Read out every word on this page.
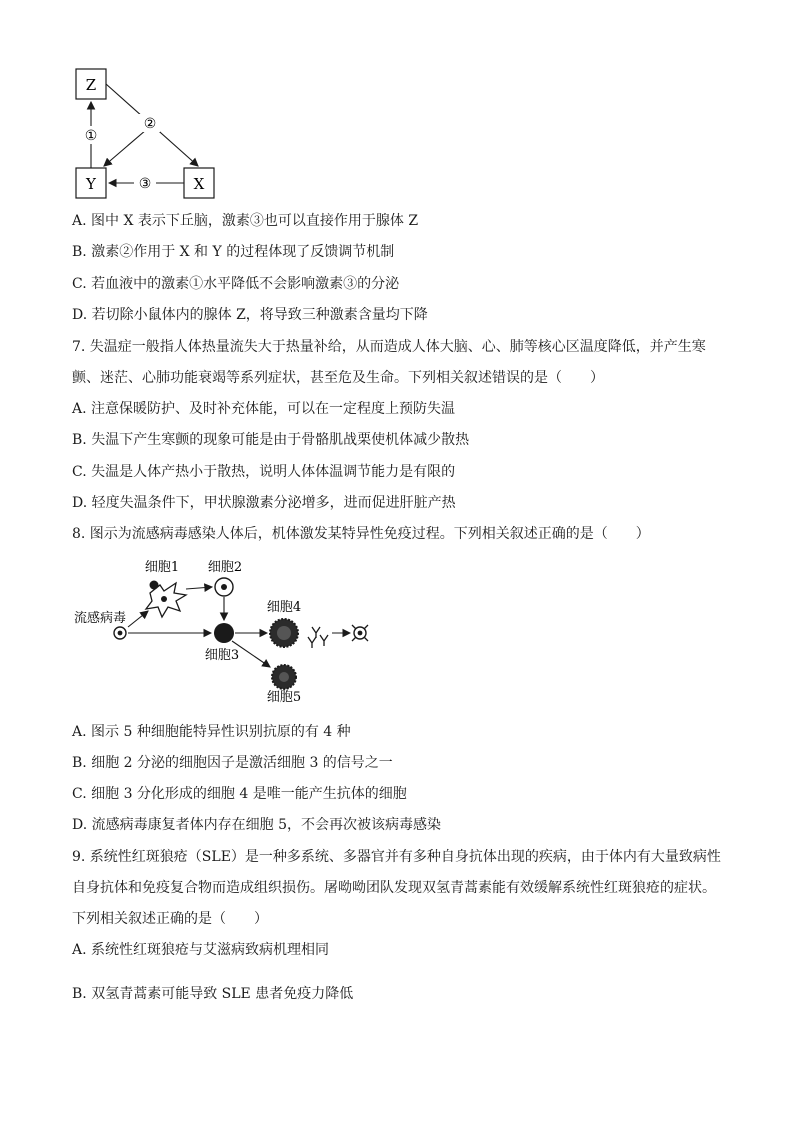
Z
Y	X
①
②
③
A. 图中 X 表示下丘脑，激素③也可以直接作用于腺体 Z
B. 激素②作用于 X 和 Y 的过程体现了反馈调节机制
C. 若血液中的激素①水平降低不会影响激素③的分泌
D. 若切除小鼠体内的腺体 Z，将导致三种激素含量均下降
7. 失温症一般指人体热量流失大于热量补给，从而造成人体大脑、心、肺等核心区温度降低，并产生寒
颤、迷茫、心肺功能衰竭等系列症状，甚至危及生命。下列相关叙述错误的是（　　）
A. 注意保暖防护、及时补充体能，可以在一定程度上预防失温
B. 失温下产生寒颤的现象可能是由于骨骼肌战栗使机体减少散热
C. 失温是人体产热小于散热，说明人体体温调节能力是有限的
D. 轻度失温条件下，甲状腺激素分泌增多，进而促进肝脏产热
8. 图示为流感病毒感染人体后，机体激发某特异性免疫过程。下列相关叙述正确的是（　　）
细胞1 细胞2
细胞4
流感病毒
细胞3
细胞5
A. 图示 5 种细胞能特异性识别抗原的有 4 种
B. 细胞 2 分泌的细胞因子是激活细胞 3 的信号之一
C. 细胞 3 分化形成的细胞 4 是唯一能产生抗体的细胞
D. 流感病毒康复者体内存在细胞 5，不会再次被该病毒感染
9. 系统性红斑狼疮（SLE）是一种多系统、多器官并有多种自身抗体出现的疾病，由于体内有大量致病性
自身抗体和免疫复合物而造成组织损伤。屠呦呦团队发现双氢青蒿素能有效缓解系统性红斑狼疮的症状。
下列相关叙述正确的是（　　）
A. 系统性红斑狼疮与艾滋病致病机理相同
B. 双氢青蒿素可能导致 SLE 患者免疫力降低
